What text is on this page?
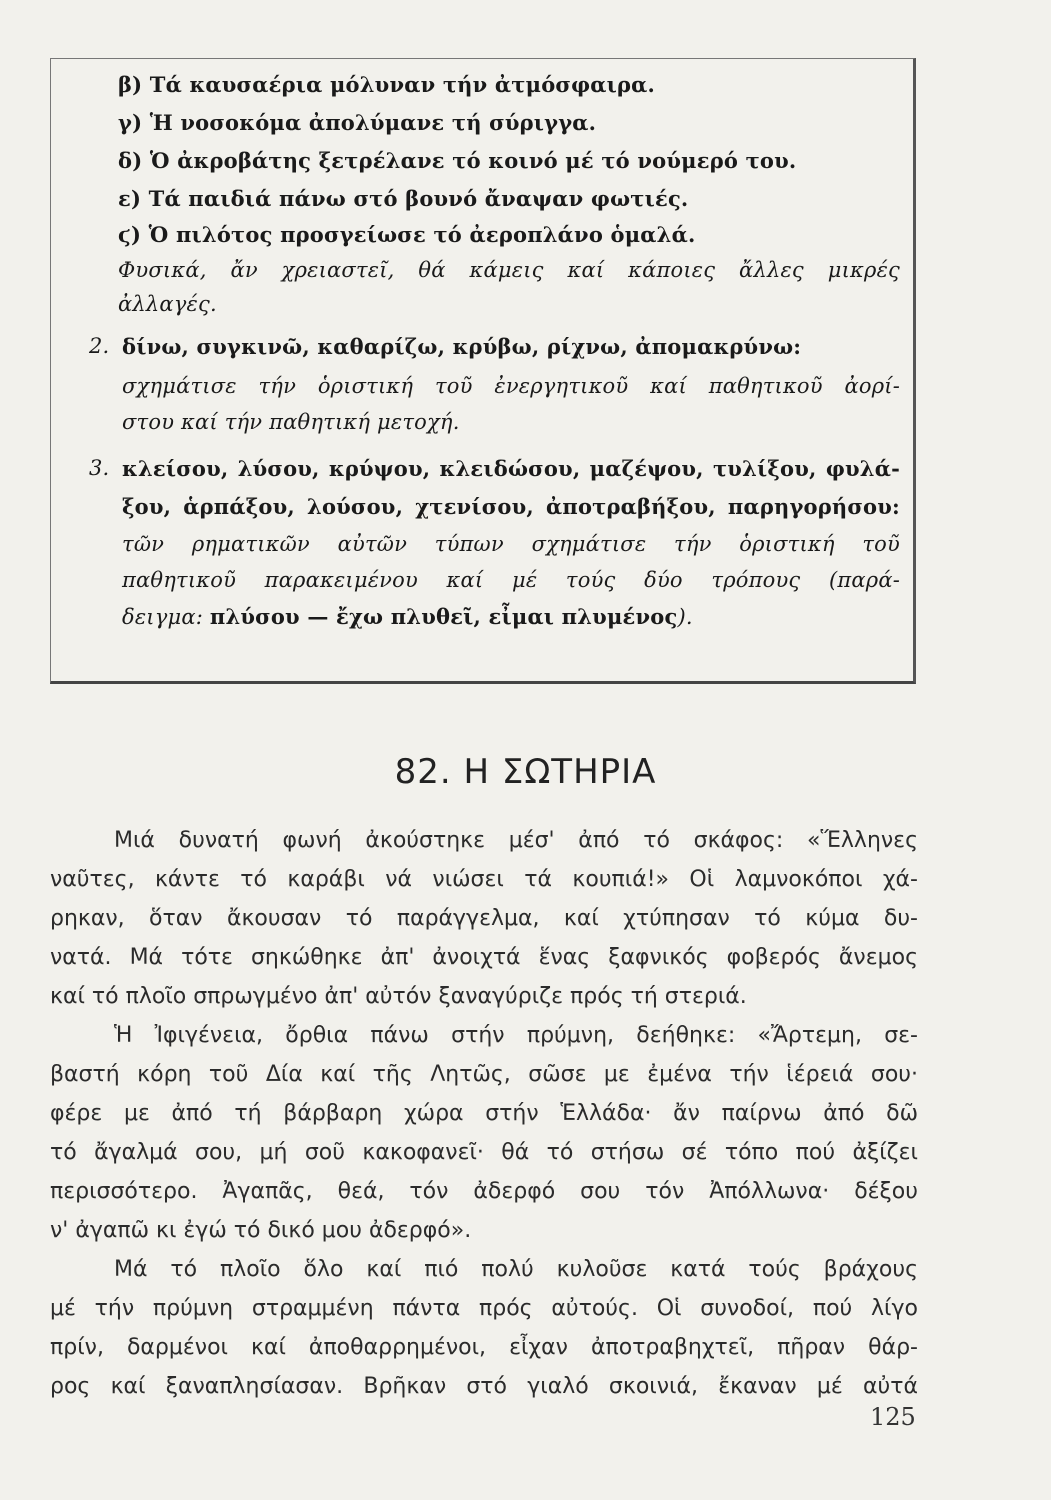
β) Τά καυσαέρια μόλυναν τήν ἀτμόσφαιρα.
γ) Ἡ νοσοκόμα ἀπολύμανε τή σύριγγα.
δ) Ὁ ἀκροβάτης ξετρέλανε τό κοινό μέ τό νούμερό του.
ε) Τά παιδιά πάνω στό βουνό ἄναψαν φωτιές.
ϛ) Ὁ πιλότος προσγείωσε τό ἀεροπλάνο ὁμαλά.
Φυσικά, ἄν χρειαστεῖ, θά κάμεις καί κάποιες ἄλλες μικρές
ἀλλαγές.
2. δίνω, συγκινῶ, καθαρίζω, κρύβω, ρίχνω, ἀπομακρύνω:
σχημάτισε τήν ὁριστική τοῦ ἐνεργητικοῦ καί παθητικοῦ ἀορί-
στου καί τήν παθητική μετοχή.
3. κλείσου, λύσου, κρύψου, κλειδώσου, μαζέψου, τυλίξου, φυλά-
ξου, ἁρπάξου, λούσου, χτενίσου, ἀποτραβήξου, παρηγορήσου:
τῶν ρηματικῶν αὐτῶν τύπων σχημάτισε τήν ὁριστική τοῦ
παθητικοῦ παρακειμένου καί μέ τούς δύο τρόπους (παρά-
δειγμα: πλύσου — ἔχω πλυθεῖ, εἶμαι πλυμένος).
82. Η ΣΩΤΗΡΙΑ
Μιά δυνατή φωνή ἀκούστηκε μέσ' ἀπό τό σκάφος: «Ἕλληνες
ναῦτες, κάντε τό καράβι νά νιώσει τά κουπιά!» Οἱ λαμνοκόποι χά-
ρηκαν, ὅταν ἄκουσαν τό παράγγελμα, καί χτύπησαν τό κύμα δυ-
νατά. Μά τότε σηκώθηκε ἀπ' ἀνοιχτά ἕνας ξαφνικός φοβερός ἄνεμος
καί τό πλοῖο σπρωγμένο ἀπ' αὐτόν ξαναγύριζε πρός τή στεριά.
Ἡ Ἰφιγένεια, ὄρθια πάνω στήν πρύμνη, δεήθηκε: «Ἄρτεμη, σε-
βαστή κόρη τοῦ Δία καί τῆς Λητῶς, σῶσε με ἐμένα τήν ἱέρειά σου·
φέρε με ἀπό τή βάρβαρη χώρα στήν Ἑλλάδα· ἄν παίρνω ἀπό δῶ
τό ἄγαλμά σου, μή σοῦ κακοφανεῖ· θά τό στήσω σέ τόπο πού ἀξίζει
περισσότερο. Ἀγαπᾶς, θεά, τόν ἀδερφό σου τόν Ἀπόλλωνα· δέξου
ν' ἀγαπῶ κι ἐγώ τό δικό μου ἀδερφό».
Μά τό πλοῖο ὅλο καί πιό πολύ κυλοῦσε κατά τούς βράχους
μέ τήν πρύμνη στραμμένη πάντα πρός αὐτούς. Οἱ συνοδοί, πού λίγο
πρίν, δαρμένοι καί ἀποθαρρημένοι, εἶχαν ἀποτραβηχτεῖ, πῆραν θάρ-
ρος καί ξαναπλησίασαν. Βρῆκαν στό γιαλό σκοινιά, ἔκαναν μέ αὐτά
125
